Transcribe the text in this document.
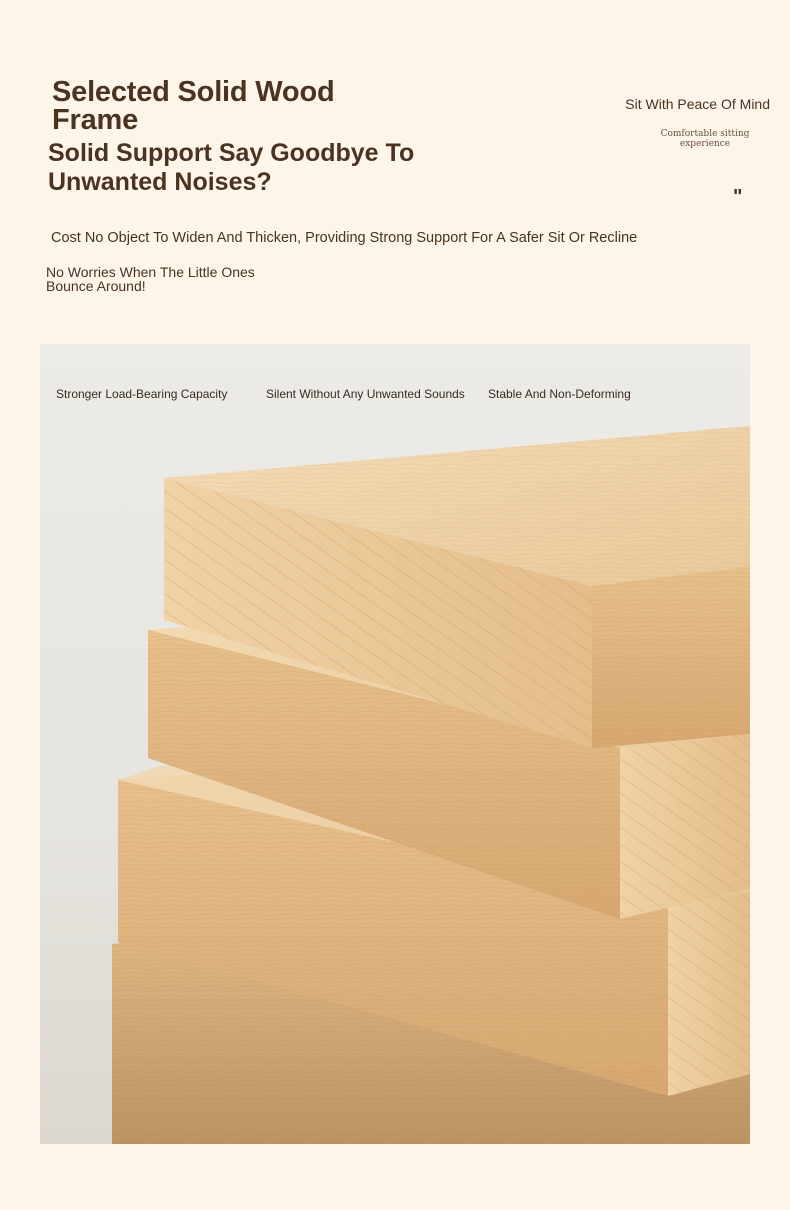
Selected Solid Wood Frame
Solid Support Say Goodbye To Unwanted Noises?
Cost No Object To Widen And Thicken, Providing Strong Support For A Safer Sit Or Recline
No Worries When The Little Ones Bounce Around!
Sit With Peace Of Mind
Comfortable sitting experience
"
Stronger Load-Bearing Capacity	Silent Without Any Unwanted Sounds Stable And Non-Deforming
